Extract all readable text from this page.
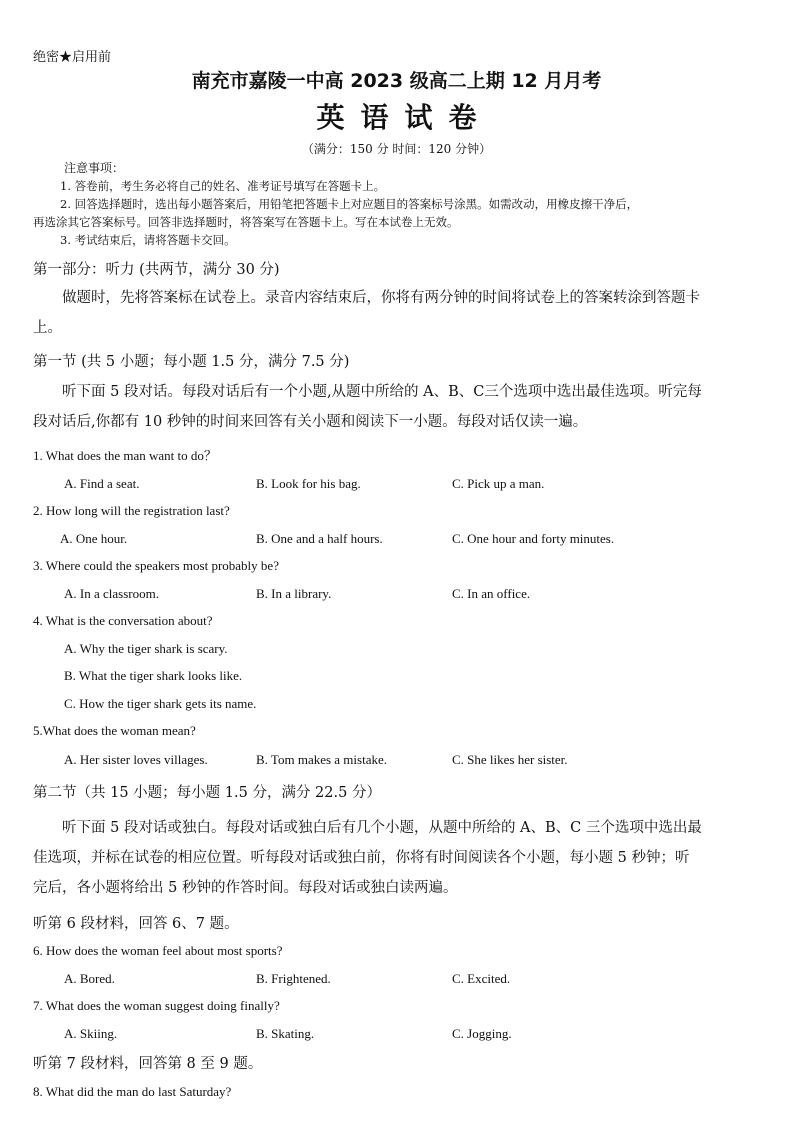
绝密★启用前
南充市嘉陵一中高 2023 级高二上期 12 月月考
英语试卷
（满分：150 分 时间：120 分钟）
注意事项：
1. 答卷前，考生务必将自己的姓名、准考证号填写在答题卡上。
2. 回答选择题时，选出每小题答案后，用铅笔把答题卡上对应题目的答案标号涂黑。如需改动，用橡皮擦干净后，
再选涂其它答案标号。回答非选择题时，将答案写在答题卡上。写在本试卷上无效。
3. 考试结束后，请将答题卡交回。
第一部分：听力 (共两节，满分 30 分)
做题时，先将答案标在试卷上。录音内容结束后，你将有两分钟的时间将试卷上的答案转涂到答题卡
上。
第一节 (共 5 小题；每小题 1.5 分，满分 7.5 分)
听下面 5 段对话。每段对话后有一个小题,从题中所给的 A、B、C三个选项中选出最佳选项。听完每
段对话后,你都有 10 秒钟的时间来回答有关小题和阅读下一小题。每段对话仅读一遍。
1. What does the man want to do？
A. Find a seat.	B. Look for his bag.	C. Pick up a man.
2. How long will the registration last?
A. One hour.	B. One and a half hours.	C. One hour and forty minutes.
3. Where could the speakers most probably be?
A. In a classroom.	B. In a library.	C. In an office.
4. What is the conversation about?
A. Why the tiger shark is scary.
B. What the tiger shark looks like.
C. How the tiger shark gets its name.
5.What does the woman mean?
A. Her sister loves villages.	B. Tom makes a mistake.	C. She likes her sister.
第二节（共 15 小题；每小题 1.5 分，满分 22.5 分）
听下面 5 段对话或独白。每段对话或独白后有几个小题，从题中所给的 A、B、C 三个选项中选出最
佳选项，并标在试卷的相应位置。听每段对话或独白前，你将有时间阅读各个小题，每小题 5 秒钟；听
完后，各小题将给出 5 秒钟的作答时间。每段对话或独白读两遍。
听第 6 段材料，回答 6、7 题。
6. How does the woman feel about most sports?
A. Bored.	B. Frightened.	C. Excited.
7. What does the woman suggest doing finally?
A. Skiing.	B. Skating.	C. Jogging.
听第 7 段材料，回答第 8 至 9 题。
8. What did the man do last Saturday?
